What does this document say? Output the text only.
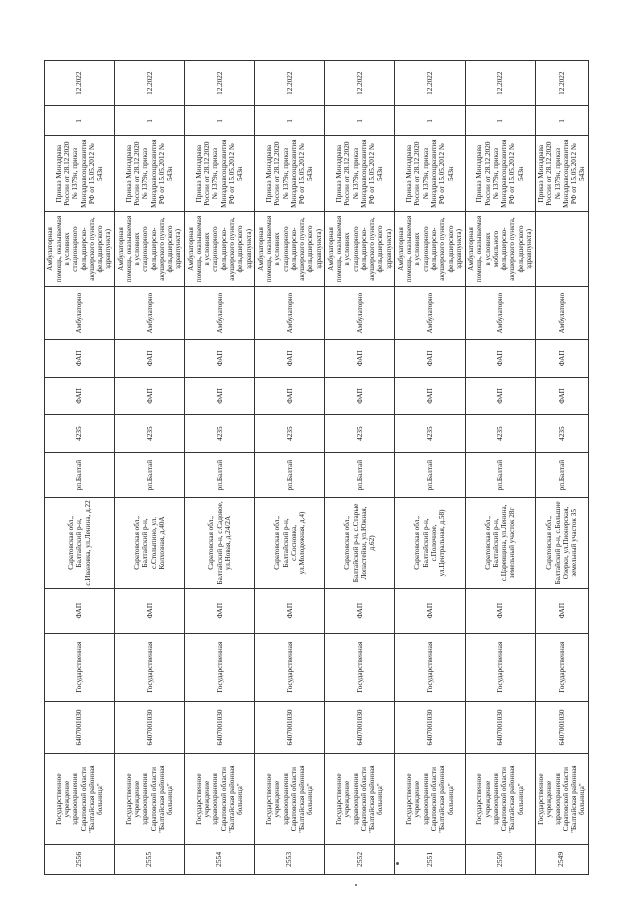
2556	Государственное учреждение здравоохранения Саратовской области "Балтайская районная больница"	6407001030	Государственная	ФАП	Саратовская обл., Балтайский р-н, с.Ивановка, ул.Ленина, д.22	рп.Балтай	4235	ФАП	ФАП	Амбулаторно	Амбулаторная помощь, оказываемая в условиях стационарного фельдшерско-акушерского пункта, фельдшерского здравпункта)	Приказ Минздрава России от 28.12.2020 № 1379н, приказ Минздравсоцразвития РФ от 15.05.2012 № 543н	1	12.2022
2555	Государственное учреждение здравоохранения Саратовской области "Балтайская районная больница"	6407001030	Государственная	ФАП	Саратовская обл., Балтайский р-н, с.Столыпино, ул. Колхозная, д.40А	рп.Балтай	4235	ФАП	ФАП	Амбулаторно	Амбулаторная помощь, оказываемая в условиях стационарного фельдшерско-акушерского пункта, фельдшерского здравпункта)	Приказ Минздрава России от 28.12.2020 № 1379н, приказ Минздравсоцразвития РФ от 15.05.2012 № 543н	1	12.2022
2554	Государственное учреждение здравоохранения Саратовской области "Балтайская районная больница"	6407001030	Государственная	ФАП	Саратовская обл., Балтайский р-н, с.Садовое, ул.Новая, д.24/2А	рп.Балтай	4235	ФАП	ФАП	Амбулаторно	Амбулаторная помощь, оказываемая в условиях стационарного фельдшерско-акушерского пункта, фельдшерского здравпункта)	Приказ Минздрава России от 28.12.2020 № 1379н, приказ Минздравсоцразвития РФ от 15.05.2012 № 543н	1	12.2022
2553	Государственное учреждение здравоохранения Саратовской области "Балтайская районная больница"	6407001030	Государственная	ФАП	Саратовская обл., Балтайский р-н, с.Сосновка, ул.Молодежная, д.4)	рп.Балтай	4235	ФАП	ФАП	Амбулаторно	Амбулаторная помощь, оказываемая в условиях стационарного фельдшерско-акушерского пункта, фельдшерского здравпункта)	Приказ Минздрава России от 28.12.2020 № 1379н, приказ Минздравсоцразвития РФ от 15.05.2012 № 543н	1	12.2022
2552	Государственное учреждение здравоохранения Саратовской области "Балтайская районная больница"	6407001030	Государственная	ФАП	Саратовская обл., Балтайский р-н, с.Старые Лопастейки, ул.Южная, д.62)	рп.Балтай	4235	ФАП	ФАП	Амбулаторно	Амбулаторная помощь, оказываемая в условиях стационарного фельдшерско-акушерского пункта, фельдшерского здравпункта)	Приказ Минздрава России от 28.12.2020 № 1379н, приказ Минздравсоцразвития РФ от 15.05.2012 № 543н	1	12.2022
2551	Государственное учреждение здравоохранения Саратовской области "Балтайская районная больница"	6407001030	Государственная	ФАП	Саратовская обл., Балтайский р-н, с.Полочное, ул.Центральная, д.58)	рп.Балтай	4235	ФАП	ФАП	Амбулаторно	Амбулаторная помощь, оказываемая в условиях стационарного фельдшерско-акушерского пункта, фельдшерского здравпункта)	Приказ Минздрава России от 28.12.2020 № 1379н, приказ Минздравсоцразвития РФ от 15.05.2012 № 543н	1	12.2022
2550	Государственное учреждение здравоохранения Саратовской области "Балтайская районная больница"	6407001030	Государственная	ФАП	Саратовская обл., Балтайский р-н, с.Царевщина, ул.Ленина, земельный участок 28г	рп.Балтай	4235	ФАП	ФАП	Амбулаторно	Амбулаторная помощь, оказываемая в условиях мобильного фельдшерско-акушерского пункта, фельдшерского здравпункта)	Приказ Минздрава России от 28.12.2020 № 1379н, приказ Минздравсоцразвития РФ от 15.05.2012 № 543н	1	12.2022
2549	Государственное учреждение здравоохранения Саратовской области "Балтайская районная больница"	6407001030	Государственная	ФАП	Саратовская обл., Балтайский р-н, с.Большие Озерки, ул.Пионерская, земельный участок 35	рп.Балтай	4235	ФАП	ФАП	Амбулаторно		Приказ Минздрава России от 28.12.2020 № 1379н, приказ Минздравсоцразвития РФ от 15.05.2012 № 543н	1	12.2022
